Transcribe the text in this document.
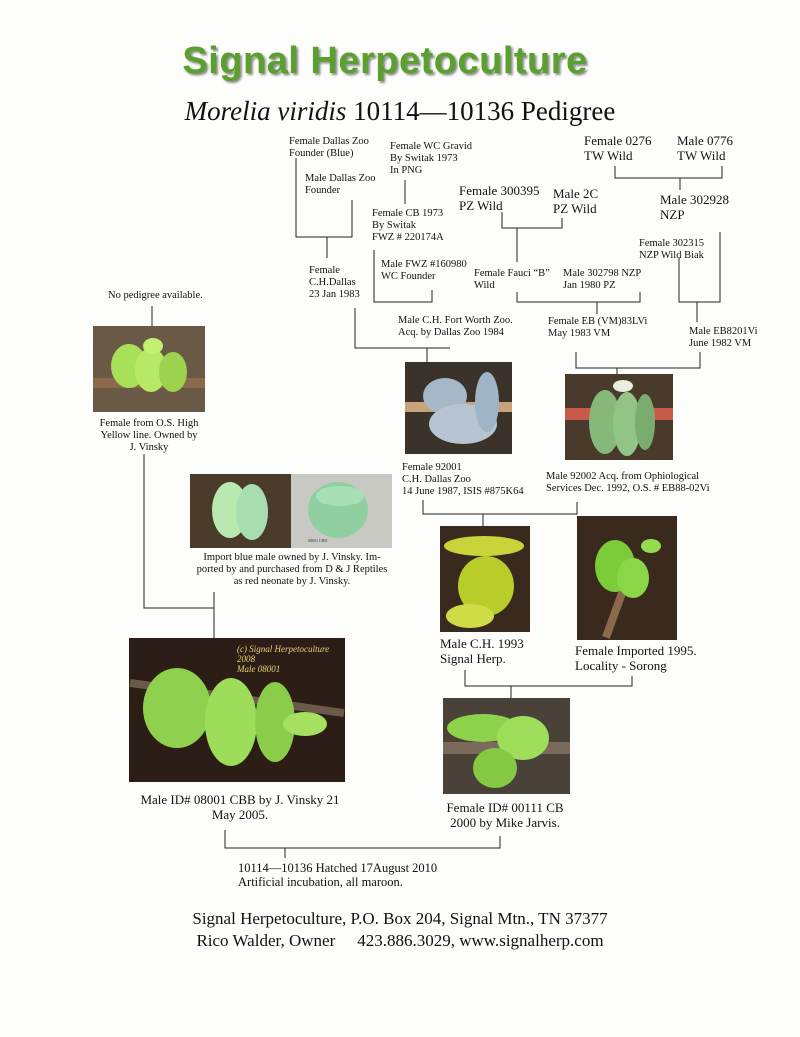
Signal Herpetoculture
Morelia viridis 10114—10136 Pedigree
Female Dallas Zoo
Founder (Blue)
Male Dallas Zoo
Founder
Female WC Gravid
By Switak 1973
In PNG
Female CB 1973
By Switak
FWZ # 220174A
Male FWZ #160980
WC Founder
Female
C.H.Dallas
23 Jan 1983
Male C.H. Fort Worth Zoo.
Acq. by Dallas Zoo 1984
Female 0276
TW Wild
Male 0776
TW Wild
Female 300395
PZ Wild
Male 2C
PZ Wild
Male 302928
NZP
Female 302315
NZP Wild Biak
Female Fauci “B”
Wild
Male 302798 NZP
Jan 1980 PZ
Female EB (VM)83LVi
May 1983 VM	Male EB8201Vi
June 1982 VM
No pedigree available.
Female from O.S. High
Yellow line. Owned by
J. Vinsky
08001 CBB
Import blue male owned by J. Vinsky. Im-
ported by and purchased from D & J Reptiles
as red neonate by J. Vinsky.
(c) Signal Herpetoculture 2008
Male 08001
Male ID# 08001 CBB by J. Vinsky 21
May 2005.
Female 92001
C.H. Dallas Zoo
14 June 1987, ISIS #875K64
Male 92002 Acq. from Ophiological
Services Dec. 1992, O.S. # EB88-02Vi
Male C.H. 1993
Signal Herp.
Female Imported 1995.
Locality - Sorong
Female ID# 00111 CB
2000 by Mike Jarvis.
10114—10136 Hatched 17August 2010
Artificial incubation, all maroon.
Signal Herpetoculture, P.O. Box 204, Signal Mtn., TN 37377
Rico Walder, Owner 423.886.3029, www.signalherp.com
